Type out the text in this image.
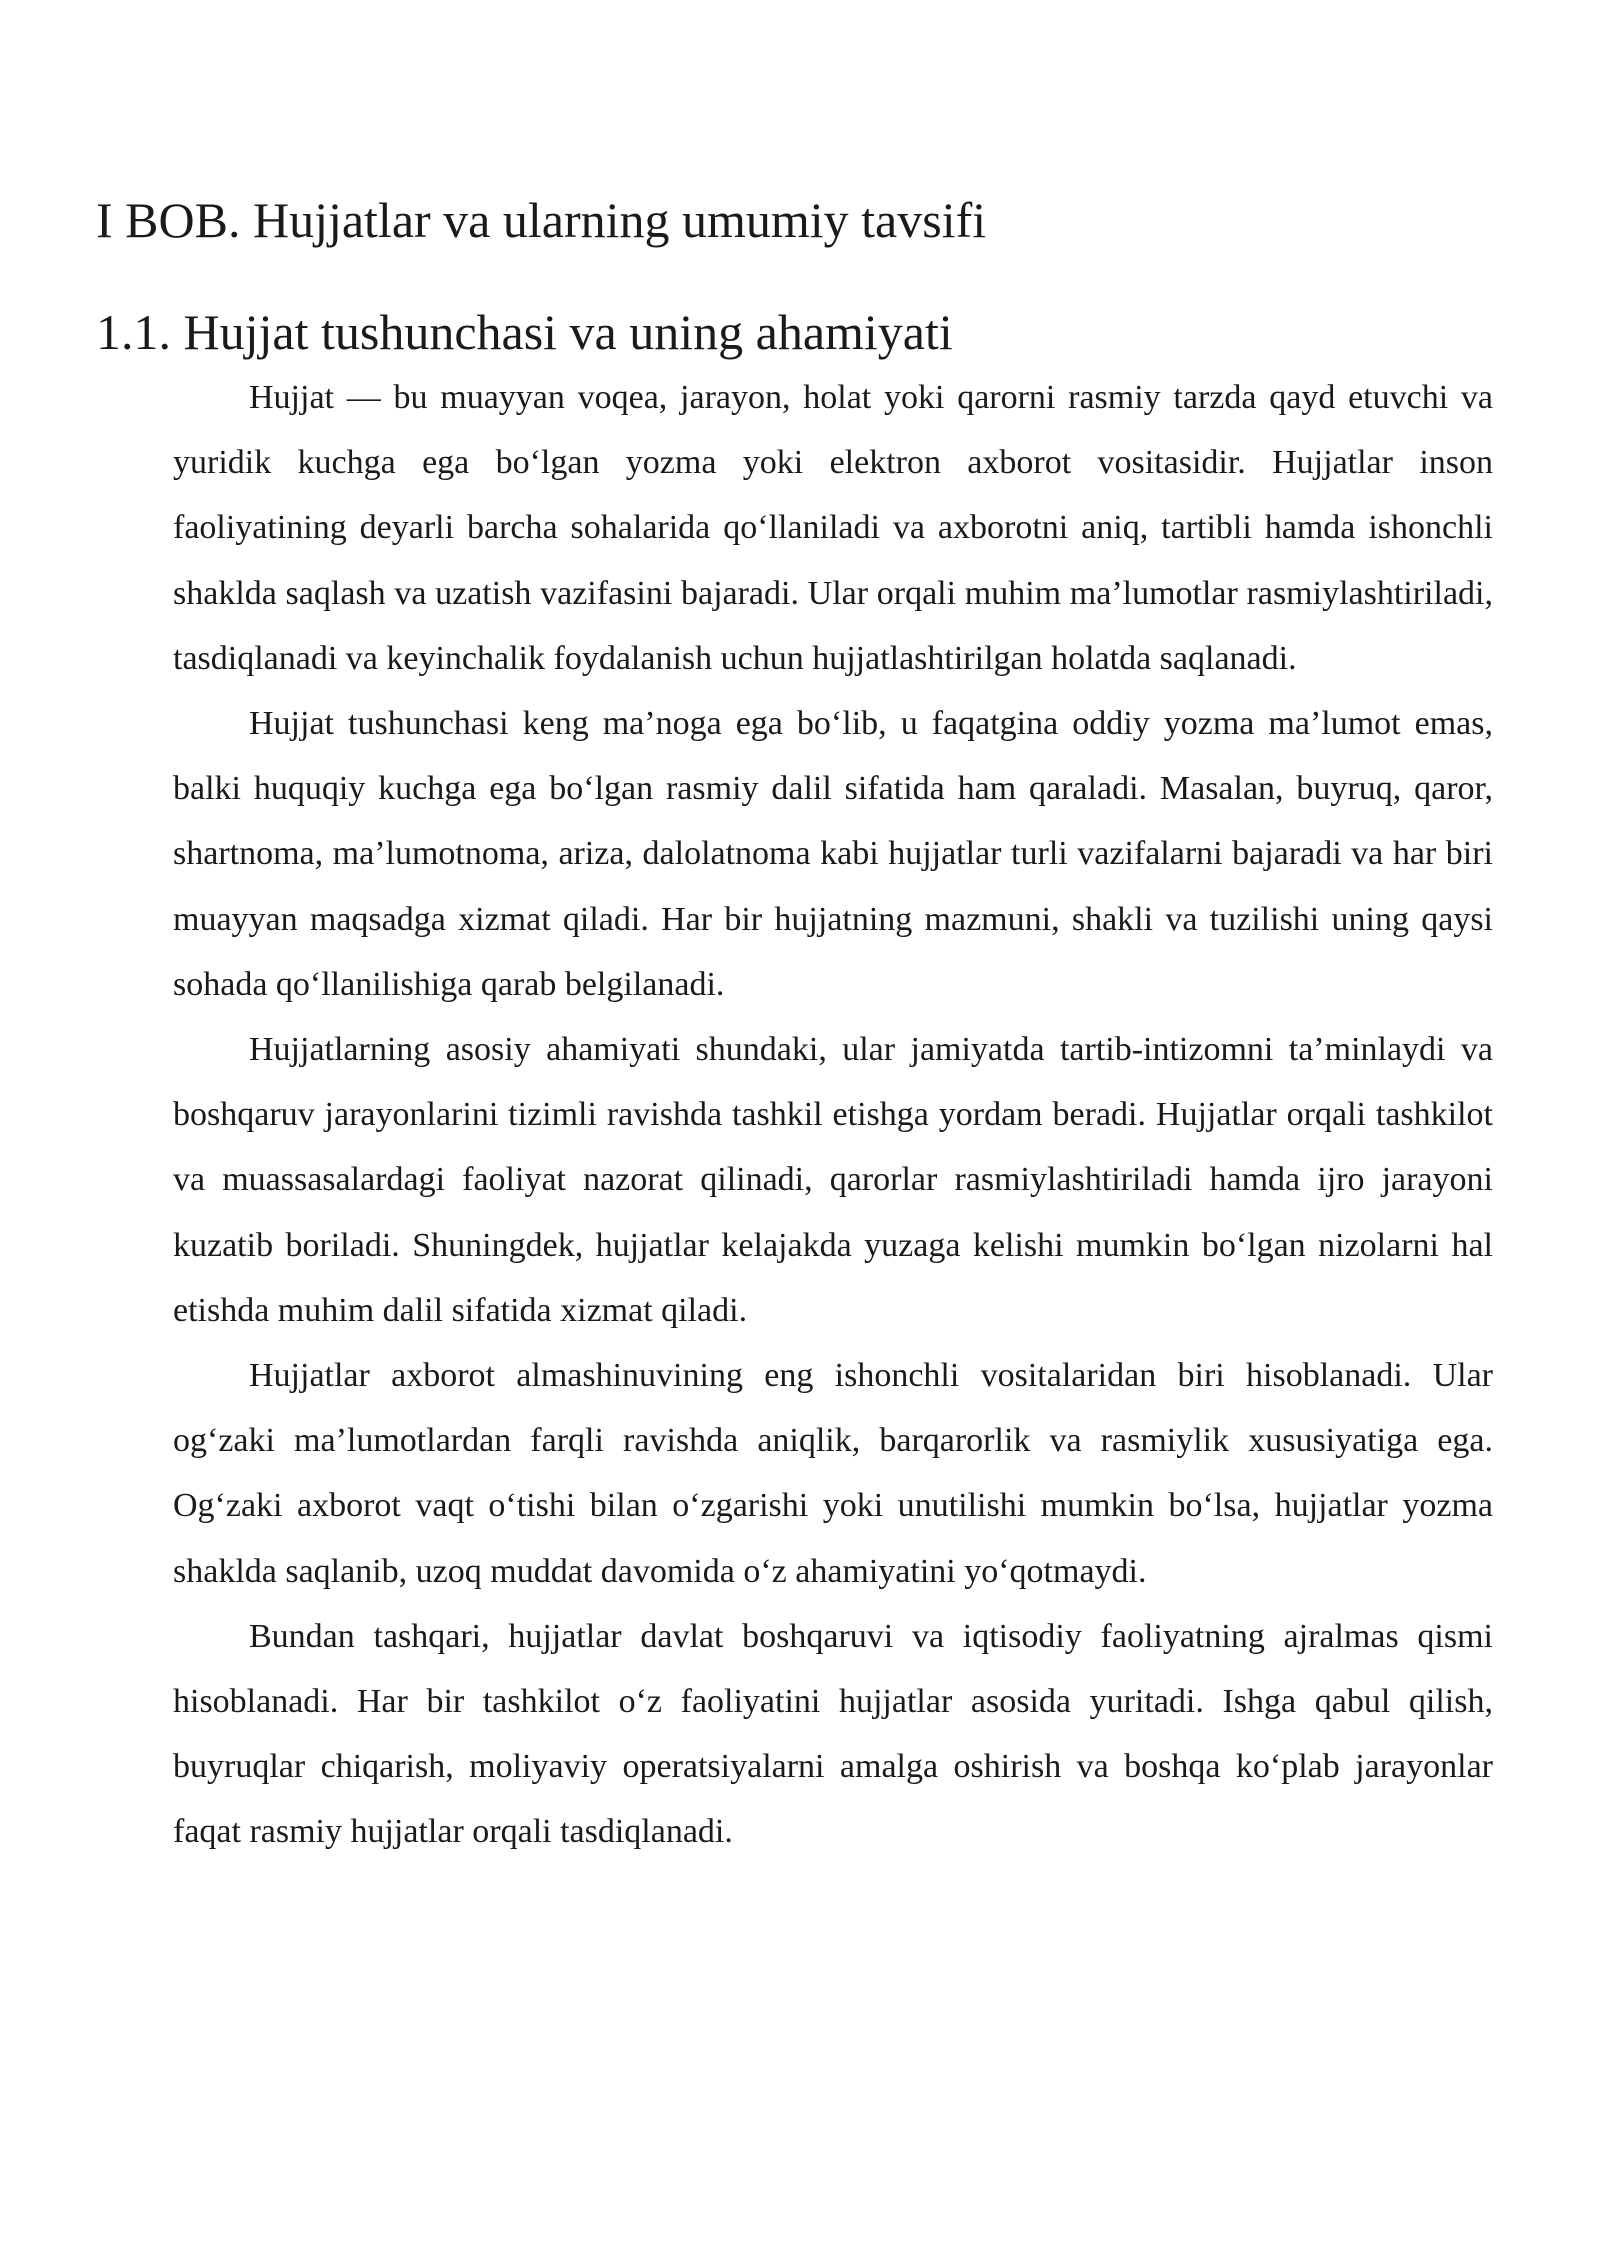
I BOB. Hujjatlar va ularning umumiy tavsifi
1.1. Hujjat tushunchasi va uning ahamiyati

Hujjat — bu muayyan voqea, jarayon, holat yoki qarorni rasmiy tarzda qayd etuvchi va yuridik kuchga ega bo‘lgan yozma yoki elektron axborot vositasidir. Hujjatlar inson faoliyatining deyarli barcha sohalarida qo‘llaniladi va axborotni aniq, tartibli hamda ishonchli shaklda saqlash va uzatish vazifasini bajaradi. Ular orqali muhim ma’lumotlar rasmiylashtiriladi, tasdiqlanadi va keyinchalik foydalanish uchun hujjatlashtirilgan holatda saqlanadi.

Hujjat tushunchasi keng ma’noga ega bo‘lib, u faqatgina oddiy yozma ma’lumot emas, balki huquqiy kuchga ega bo‘lgan rasmiy dalil sifatida ham qaraladi. Masalan, buyruq, qaror, shartnoma, ma’lumotnoma, ariza, dalolatnoma kabi hujjatlar turli vazifalarni bajaradi va har biri muayyan maqsadga xizmat qiladi. Har bir hujjatning mazmuni, shakli va tuzilishi uning qaysi sohada qo‘llanilishiga qarab belgilanadi.

Hujjatlarning asosiy ahamiyati shundaki, ular jamiyatda tartib-intizomni ta’minlaydi va boshqaruv jarayonlarini tizimli ravishda tashkil etishga yordam beradi. Hujjatlar orqali tashkilot va muassasalardagi faoliyat nazorat qilinadi, qarorlar rasmiylashtiriladi hamda ijro jarayoni kuzatib boriladi. Shuningdek, hujjatlar kelajakda yuzaga kelishi mumkin bo‘lgan nizolarni hal etishda muhim dalil sifatida xizmat qiladi.

Hujjatlar axborot almashinuvining eng ishonchli vositalaridan biri hisoblanadi. Ular og‘zaki ma’lumotlardan farqli ravishda aniqlik, barqarorlik va rasmiylik xususiyatiga ega. Og‘zaki axborot vaqt o‘tishi bilan o‘zgarishi yoki unutilishi mumkin bo‘lsa, hujjatlar yozma shaklda saqlanib, uzoq muddat davomida o‘z ahamiyatini yo‘qotmaydi.

Bundan tashqari, hujjatlar davlat boshqaruvi va iqtisodiy faoliyatning ajralmas qismi hisoblanadi. Har bir tashkilot o‘z faoliyatini hujjatlar asosida yuritadi. Ishga qabul qilish, buyruqlar chiqarish, moliyaviy operatsiyalarni amalga oshirish va boshqa ko‘plab jarayonlar faqat rasmiy hujjatlar orqali tasdiqlanadi.
